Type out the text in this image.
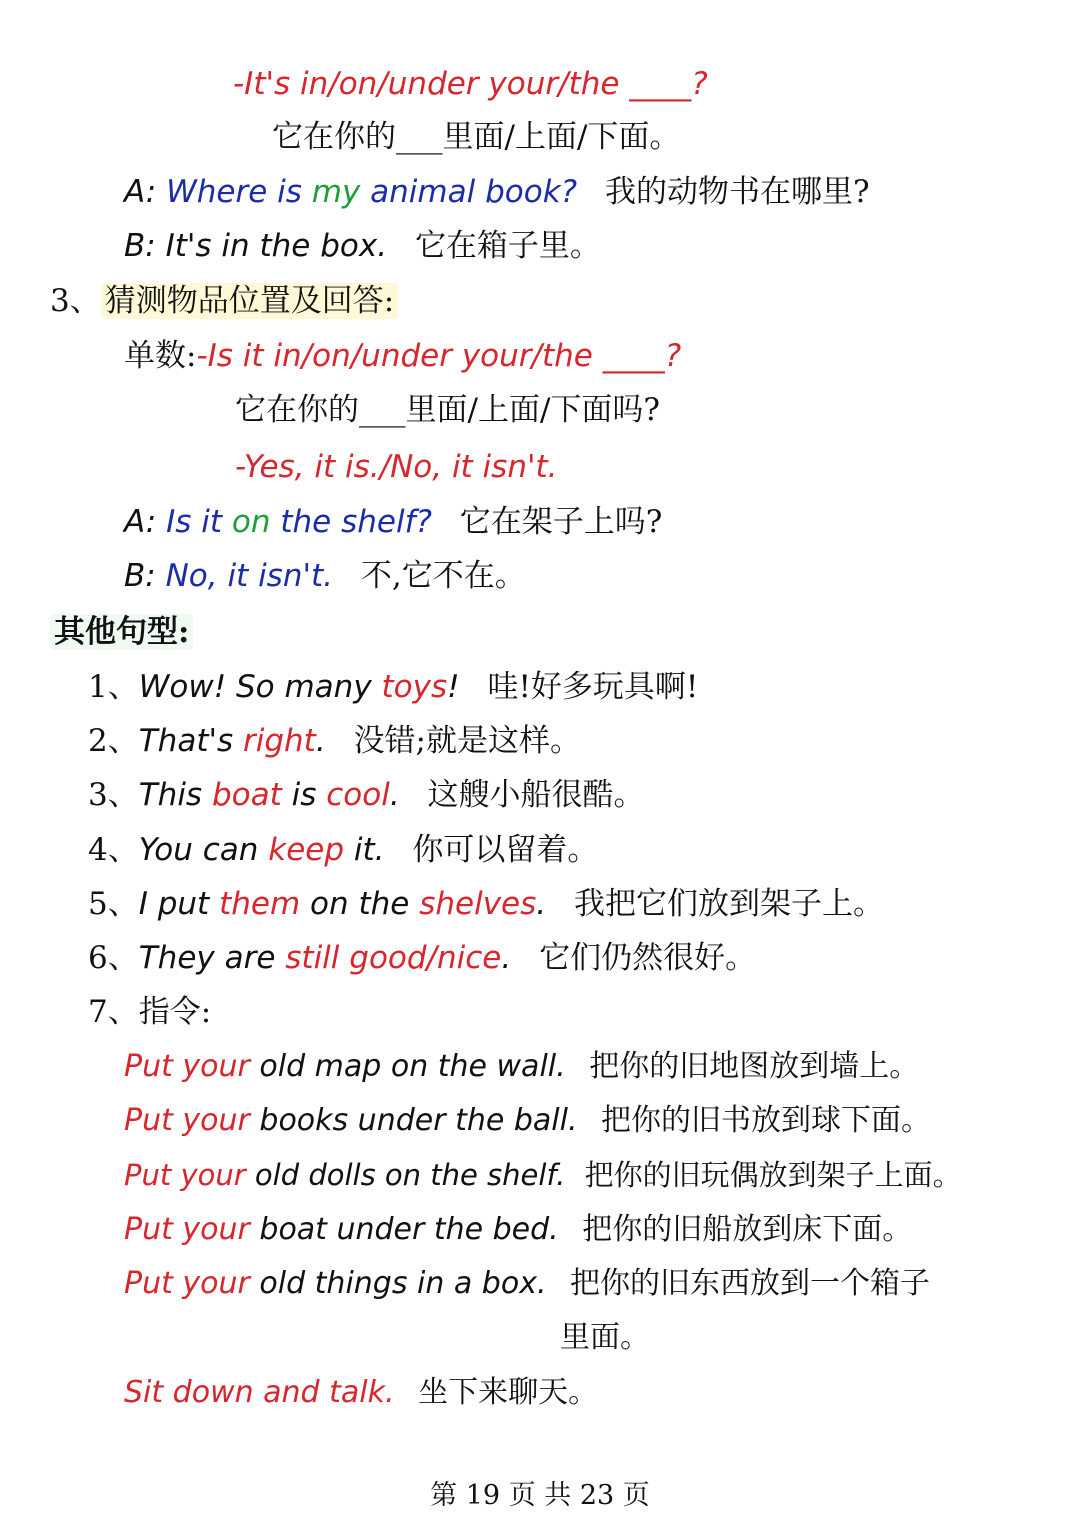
-It's in/on/under your/the ____?
它在你的___里面/上面/下面。
A: Where is my animal book? 我的动物书在哪里?
B: It's in the box. 它在箱子里。
3、 猜测物品位置及回答:
单数:-Is it in/on/under your/the ____?
它在你的___里面/上面/下面吗?
-Yes, it is./No, it isn't.
A: Is it on the shelf? 它在架子上吗?
B: No, it isn't. 不,它不在。
其他句型:
1、Wow! So many toys! 哇!好多玩具啊!
2、That's right. 没错;就是这样。
3、This boat is cool. 这艘小船很酷。
4、You can keep it. 你可以留着。
5、I put them on the shelves. 我把它们放到架子上。
6、They are still good/nice. 它们仍然很好。
7、指令:
Put your old map on the wall. 把你的旧地图放到墙上。
Put your books under the ball. 把你的旧书放到球下面。
Put your old dolls on the shelf. 把你的旧玩偶放到架子上面。
Put your boat under the bed. 把你的旧船放到床下面。
Put your old things in a box. 把你的旧东西放到一个箱子
里面。
Sit down and talk. 坐下来聊天。
第 19 页 共 23 页
